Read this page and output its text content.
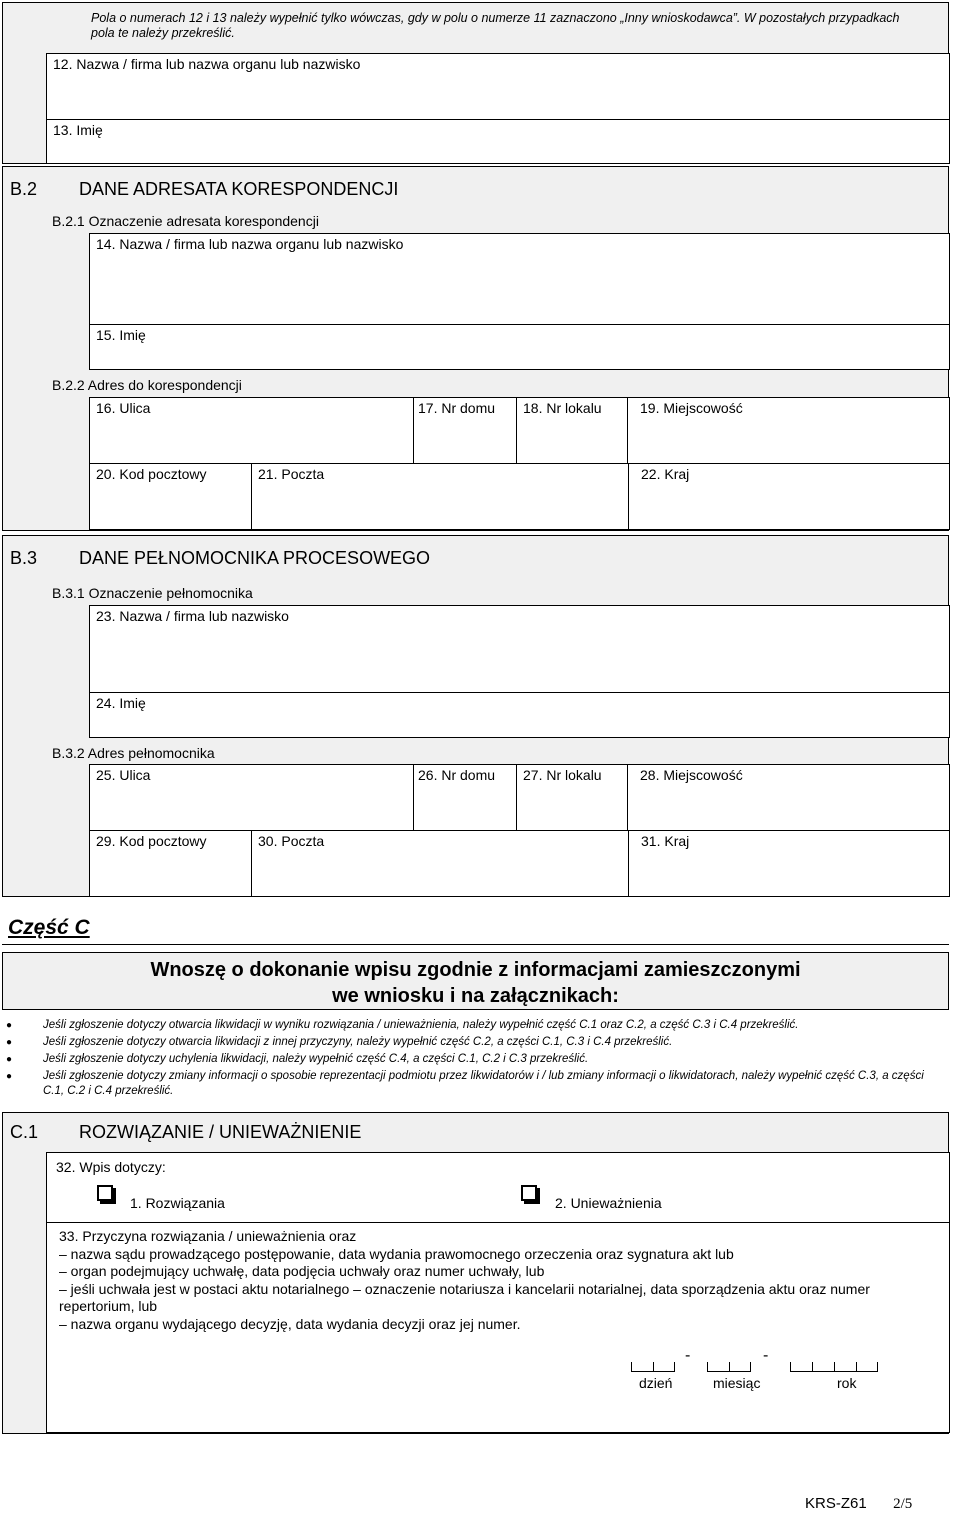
Pola o numerach 12 i 13 należy wypełnić tylko wówczas, gdy w polu o numerze 11 zaznaczono „Inny wnioskodawca”. W pozostałych przypadkach pola te należy przekreślić.
12. Nazwa / firma lub nazwa organu lub nazwisko
13. Imię
B.2 DANE ADRESATA KORESPONDENCJI
B.2.1 Oznaczenie adresata korespondencji
14. Nazwa / firma lub nazwa organu lub nazwisko
15. Imię
B.2.2 Adres do korespondencji
16. Ulica	17. Nr domu 18. Nr lokalu	19. Miejscowość
20. Kod pocztowy	21. Poczta	22. Kraj
B.3 DANE PEŁNOMOCNIKA PROCESOWEGO
B.3.1 Oznaczenie pełnomocnika
23. Nazwa / firma lub nazwisko
24. Imię
B.3.2 Adres pełnomocnika
25. Ulica	26. Nr domu 27. Nr lokalu	28. Miejscowość
29. Kod pocztowy	30. Poczta	31. Kraj
Część C
Wnoszę o dokonanie wpisu zgodnie z informacjami zamieszczonymi
we wniosku i na załącznikach:
● Jeśli zgłoszenie dotyczy otwarcia likwidacji w wyniku rozwiązania / unieważnienia, należy wypełnić część C.1 oraz C.2, a część C.3 i C.4 przekreślić.
● Jeśli zgłoszenie dotyczy otwarcia likwidacji z innej przyczyny, należy wypełnić część C.2, a części C.1, C.3 i C.4 przekreślić.
● Jeśli zgłoszenie dotyczy uchylenia likwidacji, należy wypełnić część C.4, a części C.1, C.2 i C.3 przekreślić.
● Jeśli zgłoszenie dotyczy zmiany informacji o sposobie reprezentacji podmiotu przez likwidatorów i / lub zmiany informacji o likwidatorach, należy wypełnić część C.3, a części C.1, C.2 i C.4 przekreślić.
C.1 ROZWIĄZANIE / UNIEWAŻNIENIE
32. Wpis dotyczy:
1. Rozwiązania	2. Unieważnienia
33. Przyczyna rozwiązania / unieważnienia oraz
– nazwa sądu prowadzącego postępowanie, data wydania prawomocnego orzeczenia oraz sygnatura akt lub
– organ podejmujący uchwałę, data podjęcia uchwały oraz numer uchwały, lub
– jeśli uchwała jest w postaci aktu notarialnego – oznaczenie notariusza i kancelarii notarialnej, data sporządzenia aktu oraz numer
repertorium, lub
– nazwa organu wydającego decyzję, data wydania decyzji oraz jej numer.
-	-
dzień	miesiąc	rok
KRS-Z61 2/5
